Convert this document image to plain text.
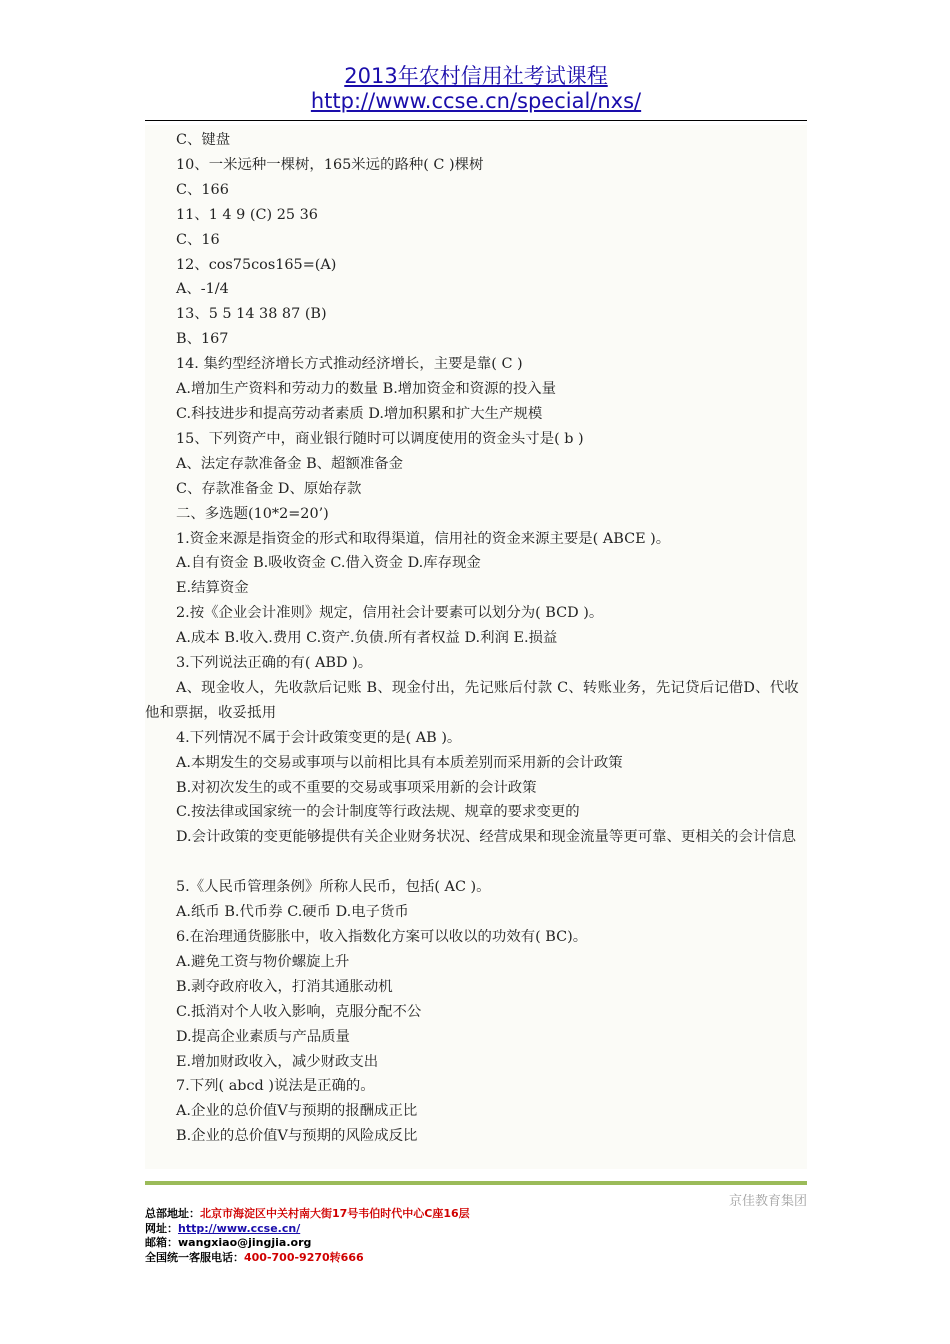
2013年农村信用社考试课程
http://www.ccse.cn/special/nxs/

C、键盘

10、一米远种一棵树，165米远的路种( C )棵树

C、166

11、1 4 9 (C) 25 36

C、16

12、cos75cos165=(A)

A、-1/4

13、5 5 14 38 87 (B)

B、167

14. 集约型经济增长方式推动经济增长，主要是靠( C )

A.增加生产资料和劳动力的数量 B.增加资金和资源的投入量

C.科技进步和提高劳动者素质 D.增加积累和扩大生产规模

15、下列资产中，商业银行随时可以调度使用的资金头寸是( b )

A、法定存款准备金 B、超额准备金

C、存款准备金 D、原始存款

二、多选题(10*2=20’)

1.资金来源是指资金的形式和取得渠道，信用社的资金来源主要是( ABCE )。

A.自有资金 B.吸收资金 C.借入资金 D.库存现金

E.结算资金

2.按《企业会计准则》规定，信用社会计要素可以划分为( BCD )。

A.成本 B.收入.费用 C.资产.负债.所有者权益 D.利润 E.损益

3.下列说法正确的有( ABD )。

A、现金收人，先收款后记账 B、现金付出，先记账后付款 C、转账业务，先记贷后记借D、代收他和票据，收妥抵用

4.下列情况不属于会计政策变更的是( AB )。

A.本期发生的交易或事项与以前相比具有本质差别而采用新的会计政策

B.对初次发生的或不重要的交易或事项采用新的会计政策

C.按法律或国家统一的会计制度等行政法规、规章的要求变更的

D.会计政策的变更能够提供有关企业财务状况、经营成果和现金流量等更可靠、更相关的会计信息

5.《人民币管理条例》所称人民币，包括( AC )。

A.纸币 B.代币券 C.硬币 D.电子货币

6.在治理通货膨胀中，收入指数化方案可以收以的功效有( BC)。

A.避免工资与物价螺旋上升

B.剥夺政府收入，打消其通胀动机

C.抵消对个人收入影响，克服分配不公

D.提高企业素质与产品质量

E.增加财政收入，减少财政支出

7.下列( abcd )说法是正确的。

A.企业的总价值V与预期的报酬成正比

B.企业的总价值V与预期的风险成反比

京佳教育集团
总部地址：北京市海淀区中关村南大街17号韦伯时代中心C座16层
网址：http://www.ccse.cn/
邮箱：wangxiao@jingjia.org
全国统一客服电话：400-700-9270转666
